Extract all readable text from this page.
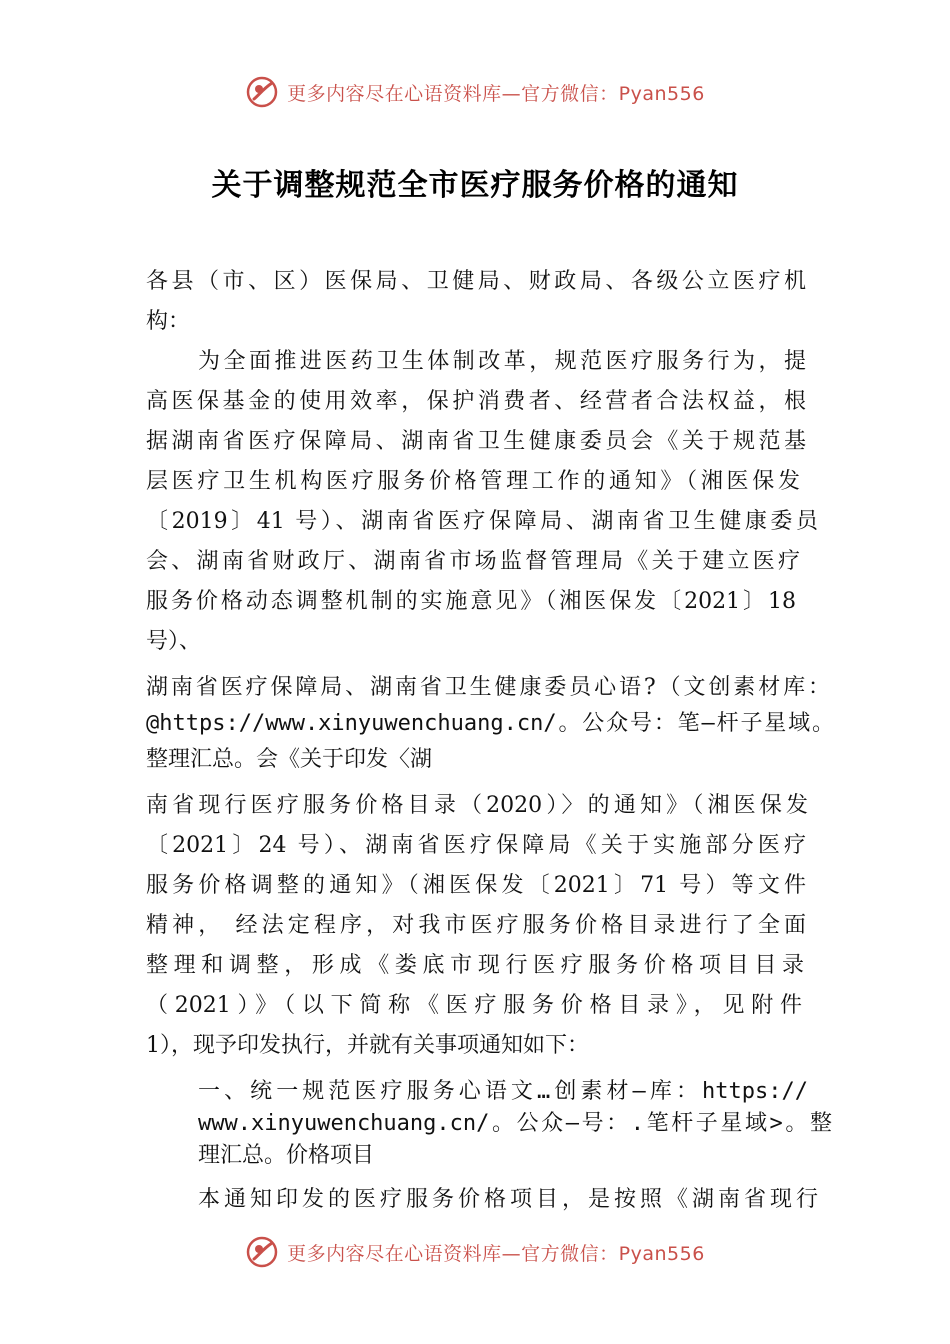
更多内容尽在心语资料库—官方微信：Pyan556
关于调整规范全市医疗服务价格的通知
各县（市、区）医保局、卫健局、财政局、各级公立医疗机
构：
为全面推进医药卫生体制改革，规范医疗服务行为，提
高医保基金的使用效率，保护消费者、经营者合法权益，根
据湖南省医疗保障局、湖南省卫生健康委员会《关于规范基
层医疗卫生机构医疗服务价格管理工作的通知》（湘医保发
〔2019〕41 号）、湖南省医疗保障局、湖南省卫生健康委员
会、湖南省财政厅、湖南省市场监督管理局《关于建立医疗
服务价格动态调整机制的实施意见》（湘医保发〔2021〕18
号）、
湖南省医疗保障局、湖南省卫生健康委员心语?（文创素材库：
@https://www.xinyuwenchuang.cn/。公众号：笔—杆子星域。
整理汇总。会《关于印发〈湖
南省现行医疗服务价格目录（2020）〉的通知》（湘医保发
〔2021〕24 号）、湖南省医疗保障局《关于实施部分医疗
服务价格调整的通知》（湘医保发〔2021〕71 号）等文件
精神， 经法定程序，对我市医疗服务价格目录进行了全面
整理和调整，形成《娄底市现行医疗服务价格项目目录
（2021）》（以下简称《医疗服务价格目录》，见附件
1），现予印发执行，并就有关事项通知如下：
一、统一规范医疗服务心语文…创素材—库：https://
www.xinyuwenchuang.cn/。公众—号：.笔杆子星域>。整
理汇总。价格项目
本通知印发的医疗服务价格项目，是按照《湖南省现行
更多内容尽在心语资料库—官方微信：Pyan556
